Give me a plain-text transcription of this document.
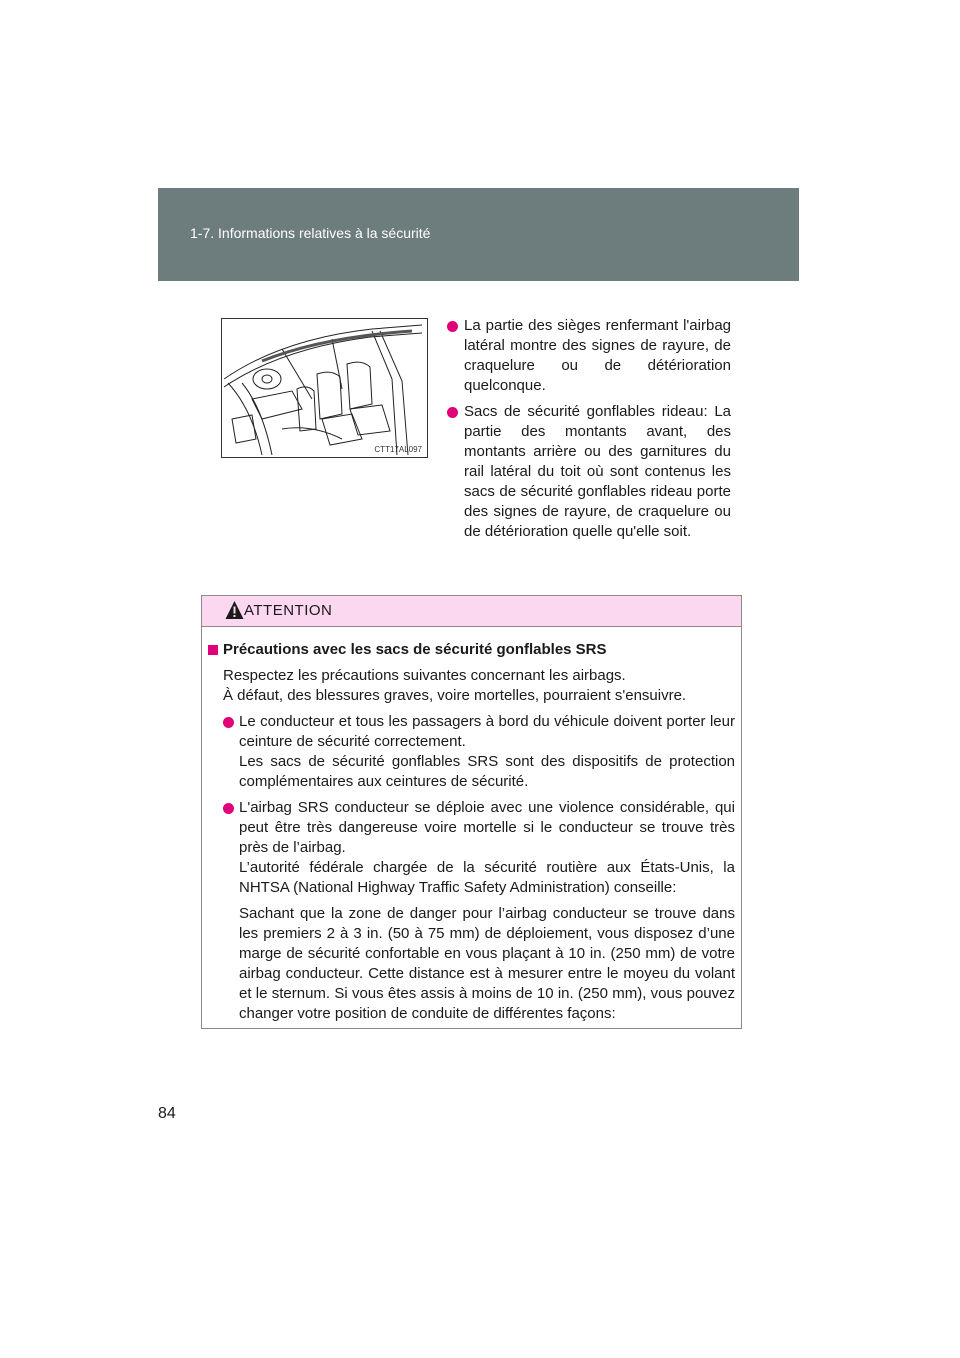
1-7. Informations relatives à la sécurité
CTT17AL097
La partie des sièges renfermant l'airbag latéral montre des signes de rayure, de craquelure ou de détérioration quelconque.
Sacs de sécurité gonflables rideau: La partie des montants avant, des montants arrière ou des garnitures du rail latéral du toit où sont contenus les sacs de sécurité gonflables rideau porte des signes de rayure, de craquelure ou de détérioration quelle qu'elle soit.
ATTENTION
Précautions avec les sacs de sécurité gonflables SRS
Respectez les précautions suivantes concernant les airbags.
À défaut, des blessures graves, voire mortelles, pourraient s'ensuivre.

Le conducteur et tous les passagers à bord du véhicule doivent porter leur ceinture de sécurité correctement.

Les sacs de sécurité gonflables SRS sont des dispositifs de protection complémentaires aux ceintures de sécurité.

L'airbag SRS conducteur se déploie avec une violence considérable, qui peut être très dangereuse voire mortelle si le conducteur se trouve très près de l’airbag.

L’autorité fédérale chargée de la sécurité routière aux États-Unis, la NHTSA (National Highway Traffic Safety Administration) conseille:

Sachant que la zone de danger pour l’airbag conducteur se trouve dans les premiers 2 à 3 in. (50 à 75 mm) de déploiement, vous disposez d’une marge de sécurité confortable en vous plaçant à 10 in. (250 mm) de votre airbag conducteur. Cette distance est à mesurer entre le moyeu du volant et le sternum. Si vous êtes assis à moins de 10 in. (250 mm), vous pouvez changer votre position de conduite de différentes façons:

84
